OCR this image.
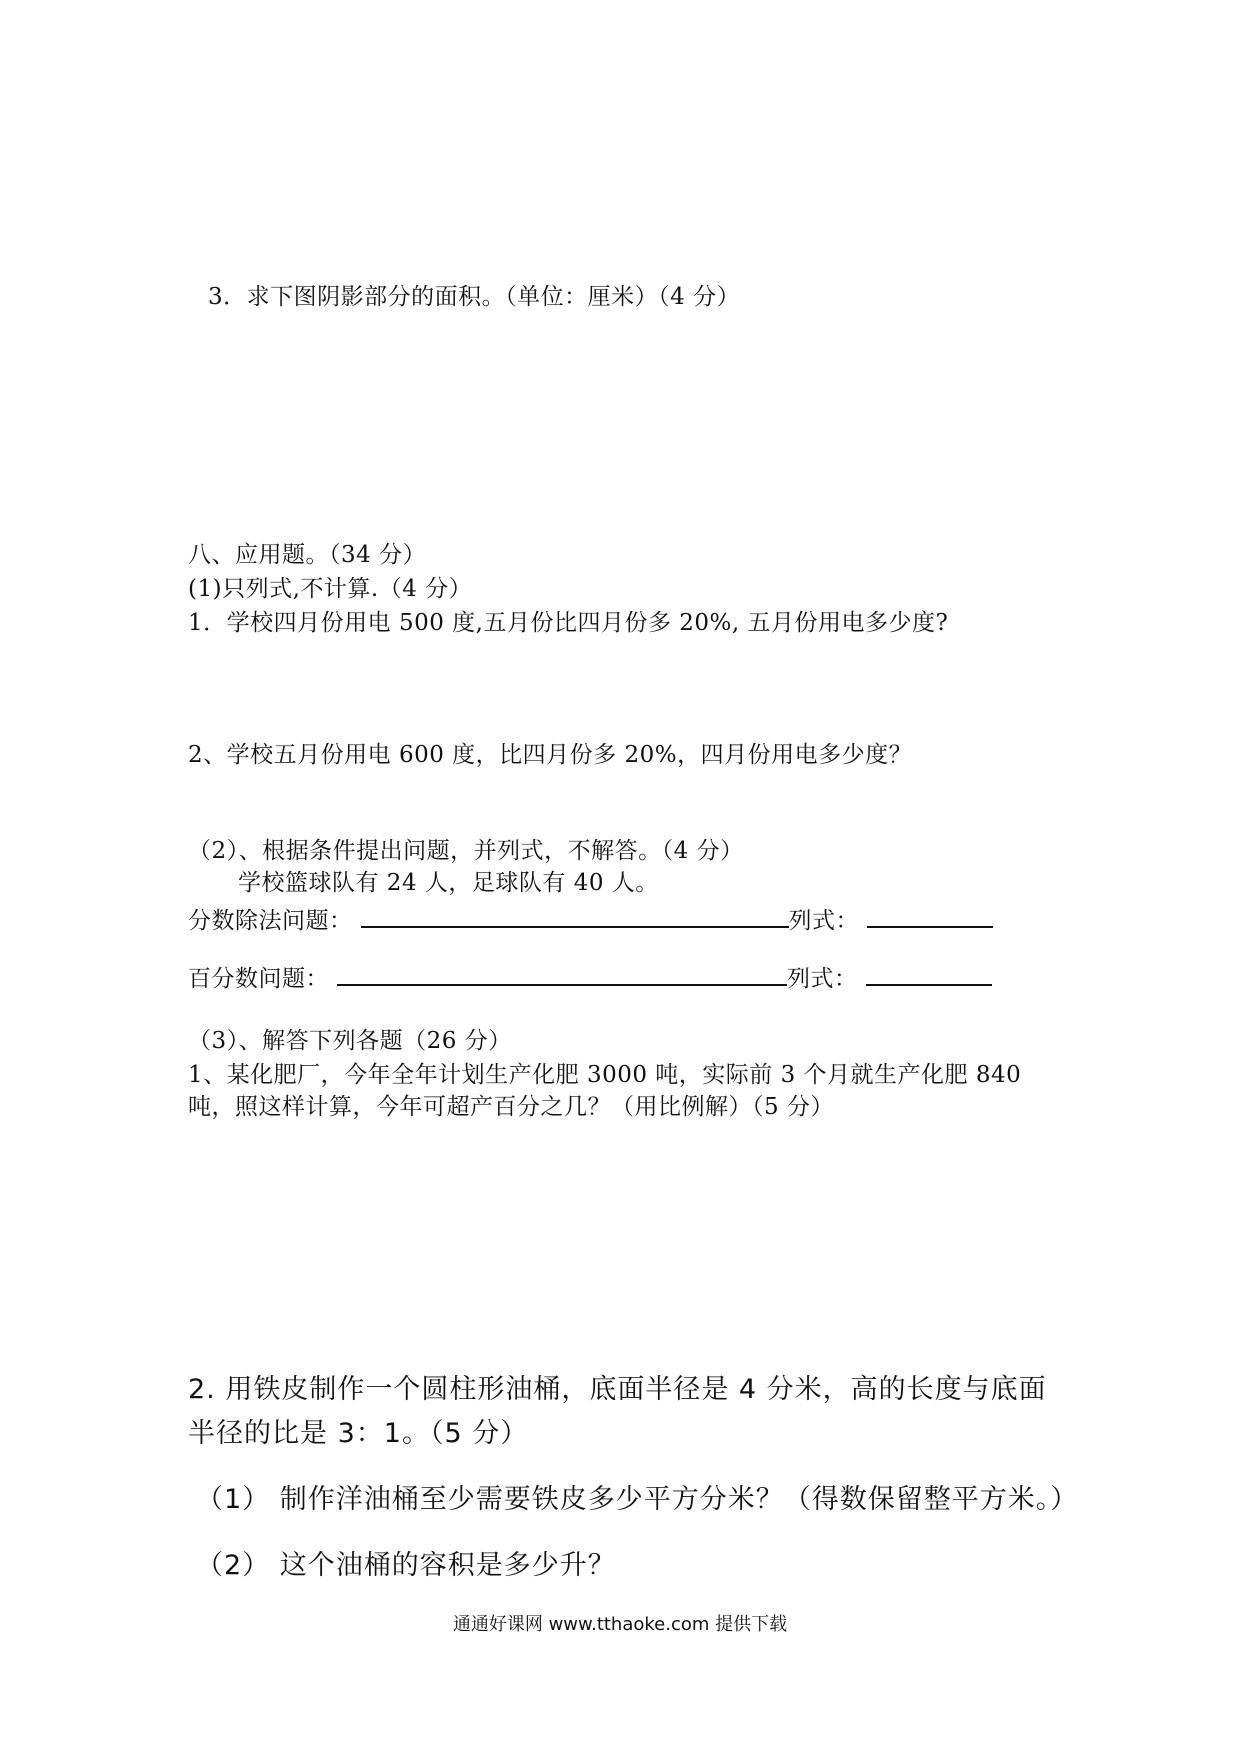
3．求下图阴影部分的面积。（单位：厘米）（4 分）
八、应用题。（34 分）
(1)只列式,不计算.（4 分）
1．学校四月份用电 500 度,五月份比四月份多 20%, 五月份用电多少度?
2、学校五月份用电 600 度，比四月份多 20%，四月份用电多少度？
（2）、根据条件提出问题，并列式，不解答。（4 分）
学校篮球队有 24 人，足球队有 40 人。
分数除法问题：	列式：
百分数问题：	列式：
（3）、解答下列各题（26 分）
1、某化肥厂，今年全年计划生产化肥 3000 吨，实际前 3 个月就生产化肥 840
吨，照这样计算，今年可超产百分之几？（用比例解）（5 分）
2. 用铁皮制作一个圆柱形油桶，底面半径是 4 分米，高的长度与底面
半径的比是 3：1。（5 分）
（1） 制作洋油桶至少需要铁皮多少平方分米？（得数保留整平方米。）
（2） 这个油桶的容积是多少升？
通通好课网 www.tthaoke.com 提供下载
